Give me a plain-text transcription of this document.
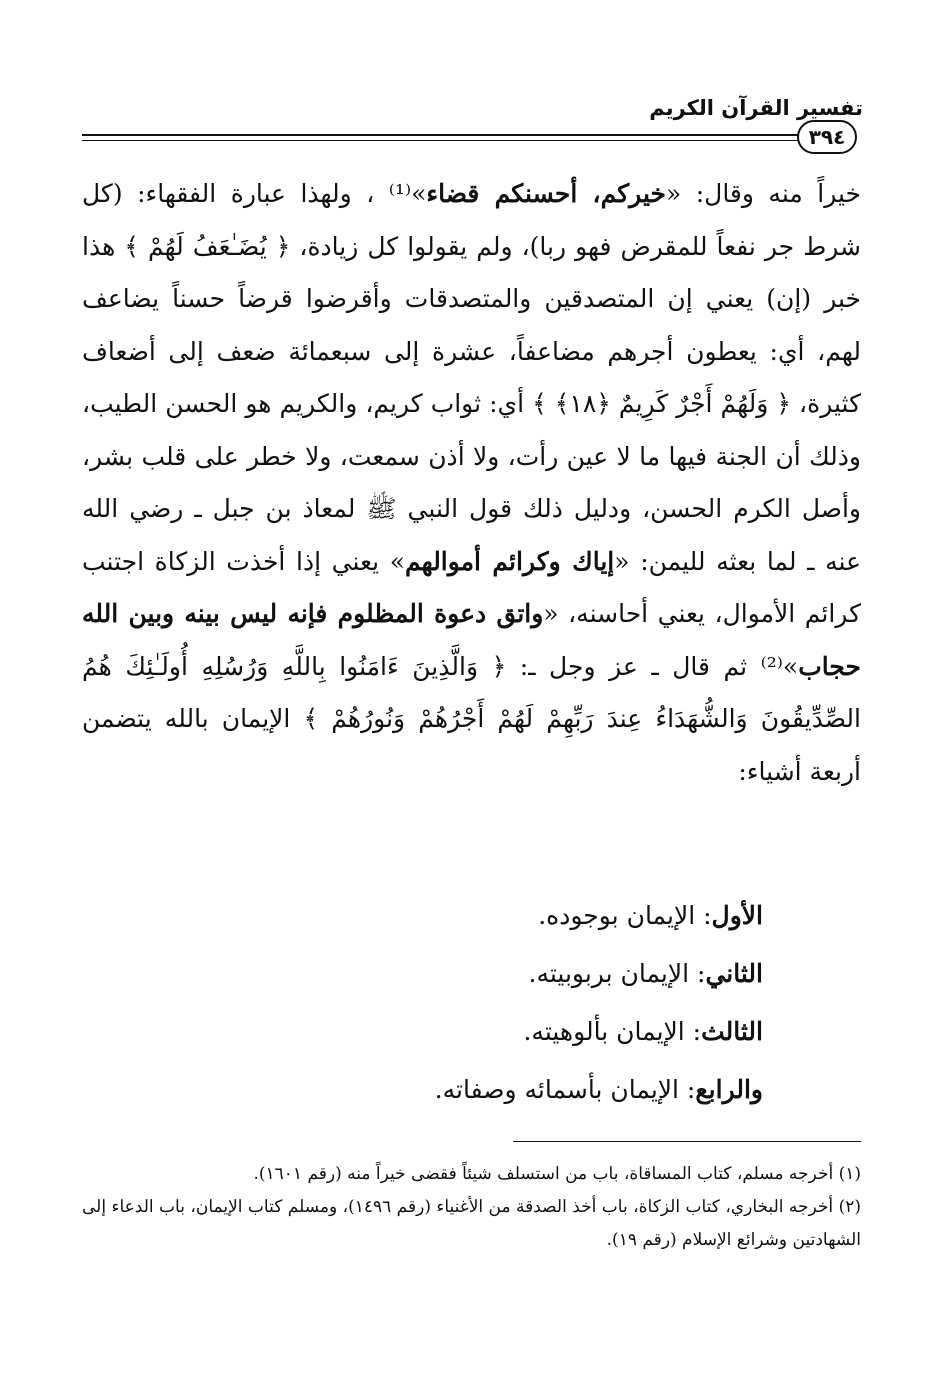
تفسير القرآن الكريم
٣٩٤

خيراً منه وقال: «خيركم، أحسنكم قضاء»⁽¹⁾ ، ولهذا عبارة الفقهاء: (كل شرط جر نفعاً للمقرض فهو ربا)، ولم يقولوا كل زيادة، ﴿ يُضَـٰعَفُ لَهُمْ ﴾ هذا خبر (إن) يعني إن المتصدقين والمتصدقات وأقرضوا قرضاً حسناً يضاعف لهم، أي: يعطون أجرهم مضاعفاً، عشرة إلى سبعمائة ضعف إلى أضعاف كثيرة، ﴿ وَلَهُمْ أَجْرٌ كَرِيمٌ ﴿١٨﴾ ﴾ أي: ثواب كريم، والكريم هو الحسن الطيب، وذلك أن الجنة فيها ما لا عين رأت، ولا أذن سمعت، ولا خطر على قلب بشر، وأصل الكرم الحسن، ودليل ذلك قول النبي ﷺ لمعاذ بن جبل ـ رضي الله عنه ـ لما بعثه لليمن: «إياك وكرائم أموالهم» يعني إذا أخذت الزكاة اجتنب كرائم الأموال، يعني أحاسنه، «واتق دعوة المظلوم فإنه ليس بينه وبين الله حجاب»⁽²⁾ ثم قال ـ عز وجل ـ: ﴿ وَالَّذِينَ ءَامَنُوا بِاللَّهِ وَرُسُلِهِ أُولَـٰئِكَ هُمُ الصِّدِّيقُونَ وَالشُّهَدَاءُ عِندَ رَبِّهِمْ لَهُمْ أَجْرُهُمْ وَنُورُهُمْ ﴾ الإيمان بالله يتضمن أربعة أشياء:

الأول: الإيمان بوجوده.
الثاني: الإيمان بربوبيته.
الثالث: الإيمان بألوهيته.
والرابع: الإيمان بأسمائه وصفاته.

(١) أخرجه مسلم، كتاب المساقاة، باب من استسلف شيئاً فقضى خيراً منه (رقم ١٦٠١).

(٢) أخرجه البخاري، كتاب الزكاة، باب أخذ الصدقة من الأغنياء (رقم ١٤٩٦)، ومسلم كتاب الإيمان، باب الدعاء إلى الشهادتين وشرائع الإسلام (رقم ١٩).
